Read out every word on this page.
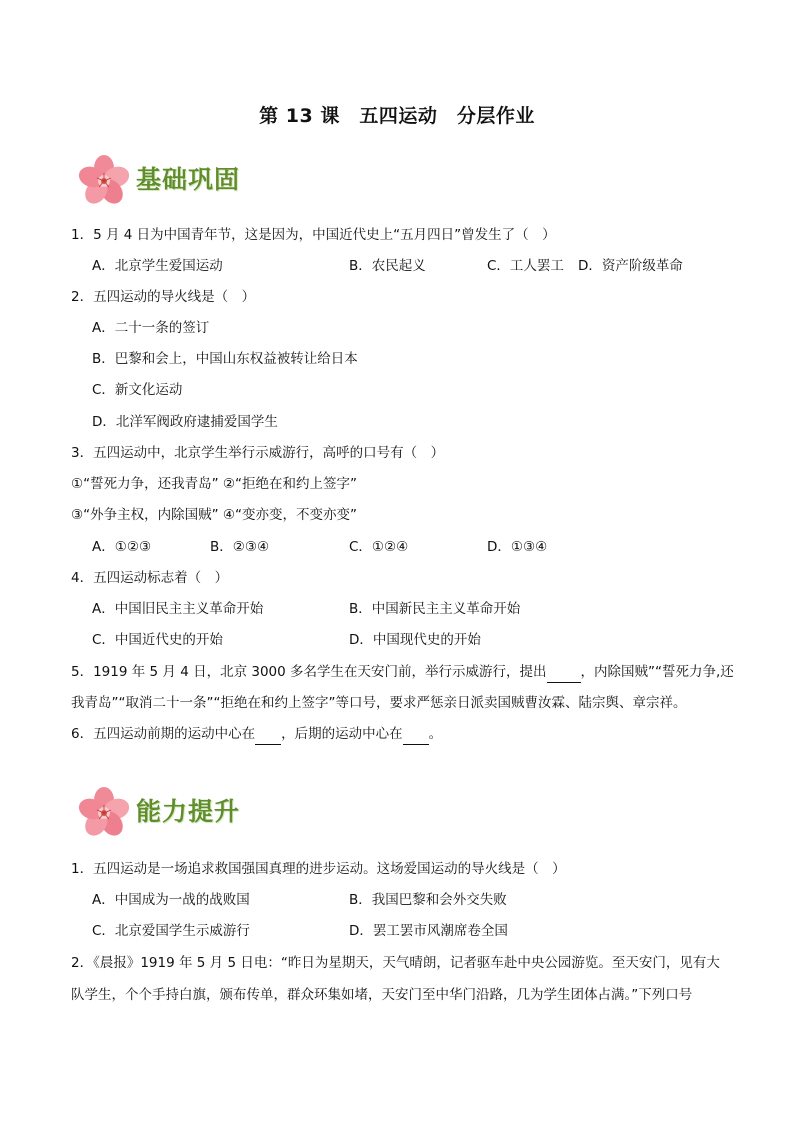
第 13 课　五四运动　分层作业
基础巩固
1．5 月 4 日为中国青年节，这是因为，中国近代史上“五月四日”曾发生了（　）
A．北京学生爱国运动	B．农民起义	C．工人罢工 D．资产阶级革命
2．五四运动的导火线是（　）
A．二十一条的签订
B．巴黎和会上，中国山东权益被转让给日本
C．新文化运动
D．北洋军阀政府逮捕爱国学生
3．五四运动中，北京学生举行示威游行，高呼的口号有（　）
①“誓死力争，还我青岛” ②“拒绝在和约上签字”
③“外争主权，内除国贼” ④“变亦变，不变亦变”
A．①②③	B．②③④	C．①②④	D．①③④
4．五四运动标志着（　）
A．中国旧民主主义革命开始	B．中国新民主主义革命开始
C．中国近代史的开始	D．中国现代史的开始
5．1919 年 5 月 4 日，北京 3000 多名学生在天安门前，举行示威游行，提出	，内除国贼”“誓死力争,还
我青岛”“取消二十一条”“拒绝在和约上签字”等口号，要求严惩亲日派卖国贼曹汝霖、陆宗舆、章宗祥。
6．五四运动前期的运动中心在 ，后期的运动中心在 。
能力提升
1．五四运动是一场追求救国强国真理的进步运动。这场爱国运动的导火线是（　）
A．中国成为一战的战败国	B．我国巴黎和会外交失败
C．北京爱国学生示威游行	D．罢工罢市风潮席卷全国
2．《晨报》1919 年 5 月 5 日电：“昨日为星期天，天气晴朗，记者驱车赴中央公园游览。至天安门，见有大
队学生，个个手持白旗，颁布传单，群众环集如堵，天安门至中华门沿路，几为学生团体占满。”下列口号
